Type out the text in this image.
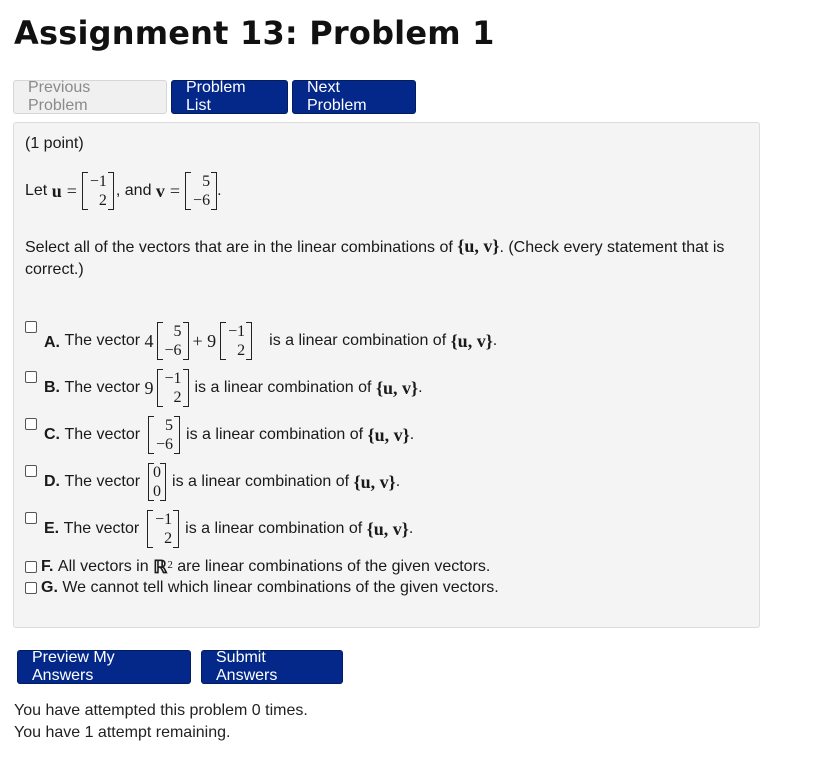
Assignment 13: Problem 1
Previous Problem
Problem List
Next Problem
(1 point)
Let
u = −1
2
, and
v =	5
−6
.
Select all of the vectors that are in the linear combinations of {u, v}. (Check every statement that is correct.)
A.
The vector
4	5
−6 + 9 −1
2
is a linear combination of
{u, v} .
B.
The vector
9 −1
2
is a linear combination of
{u, v} .
C.
The vector
5
−6
is a linear combination of
{u, v} .
D.
The vector
0
0
is a linear combination of
{u, v} .
E.
The vector
−1
2
is a linear combination of
{u, v} .
F.
All vectors in
ℝ$^2$
are linear combinations of the given vectors.
G.
We cannot tell which linear combinations of the given vectors.
Preview My Answers
Submit Answers
You have attempted this problem 0 times.
You have 1 attempt remaining.
